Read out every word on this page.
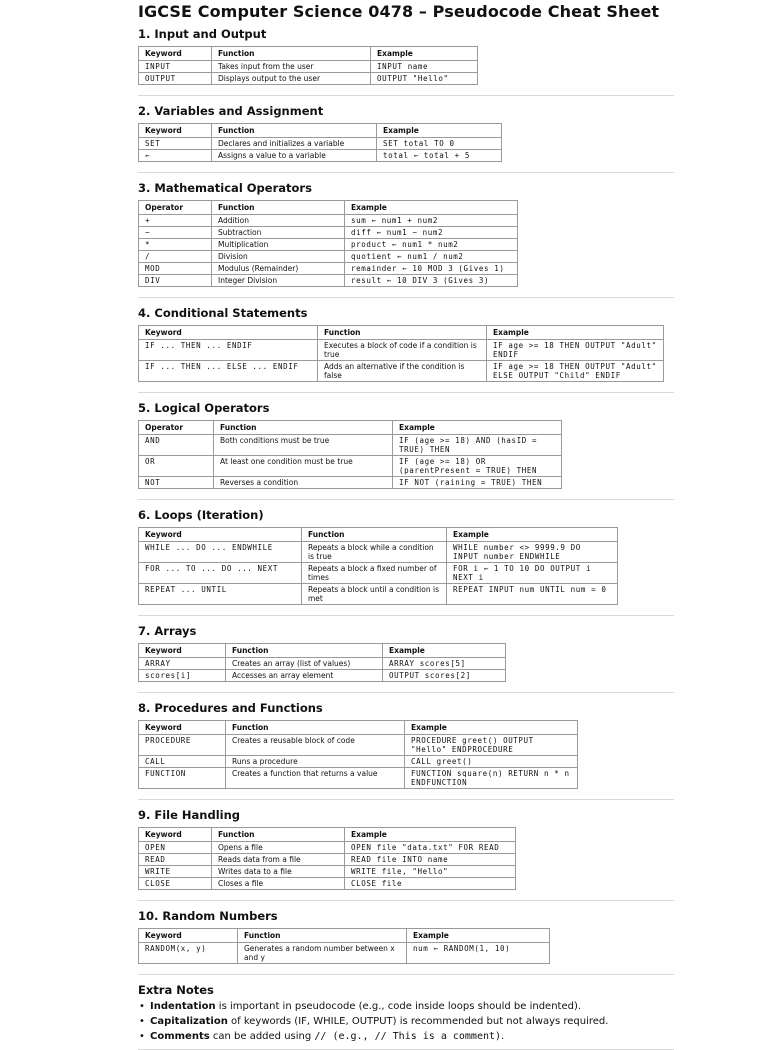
IGCSE Computer Science 0478 – Pseudocode Cheat Sheet
1. Input and Output
Keyword	Function	Example
INPUT	Takes input from the user	INPUT name
OUTPUT	Displays output to the user	OUTPUT "Hello"
2. Variables and Assignment
Keyword	Function	Example
SET	Declares and initializes a variable	SET total TO 0
←	Assigns a value to a variable	total ← total + 5
3. Mathematical Operators
Operator	Function	Example
+	Addition	sum ← num1 + num2
−	Subtraction	diff ← num1 − num2
*	Multiplication	product ← num1 * num2
/	Division	quotient ← num1 / num2
MOD	Modulus (Remainder)	remainder ← 10 MOD 3 (Gives 1)
DIV	Integer Division	result ← 10 DIV 3 (Gives 3)
4. Conditional Statements
Keyword	Function	Example
IF ... THEN ... ENDIF	Executes a block of code if a condition is true	IF age >= 18 THEN OUTPUT "Adult" ENDIF
IF ... THEN ... ELSE ... ENDIF	Adds an alternative if the condition is false	IF age >= 18 THEN OUTPUT "Adult" ELSE OUTPUT "Child" ENDIF
5. Logical Operators
Operator	Function	Example
AND	Both conditions must be true	IF (age >= 18) AND (hasID = TRUE) THEN
OR	At least one condition must be true	IF (age >= 18) OR (parentPresent = TRUE) THEN
NOT	Reverses a condition	IF NOT (raining = TRUE) THEN
6. Loops (Iteration)
Keyword	Function	Example
WHILE ... DO ... ENDWHILE	Repeats a block while a condition is true	WHILE number <> 9999.9 DO INPUT number ENDWHILE
FOR ... TO ... DO ... NEXT	Repeats a block a fixed number of times	FOR i ← 1 TO 10 DO OUTPUT i NEXT i
REPEAT ... UNTIL	Repeats a block until a condition is met	REPEAT INPUT num UNTIL num = 0
7. Arrays
Keyword	Function	Example
ARRAY	Creates an array (list of values)	ARRAY scores[5]
scores[i]	Accesses an array element	OUTPUT scores[2]
8. Procedures and Functions
Keyword	Function	Example
PROCEDURE	Creates a reusable block of code	PROCEDURE greet() OUTPUT "Hello" ENDPROCEDURE
CALL	Runs a procedure	CALL greet()
FUNCTION	Creates a function that returns a value	FUNCTION square(n) RETURN n * n ENDFUNCTION
9. File Handling
Keyword	Function	Example
OPEN	Opens a file	OPEN file "data.txt" FOR READ
READ	Reads data from a file	READ file INTO name
WRITE	Writes data to a file	WRITE file, "Hello"
CLOSE	Closes a file	CLOSE file
10. Random Numbers
Keyword	Function	Example
RANDOM(x, y)	Generates a random number between x and y	num ← RANDOM(1, 10)
Extra Notes
• Indentation is important in pseudocode (e.g., code inside loops should be indented).
• Capitalization of keywords (IF, WHILE, OUTPUT) is recommended but not always required.
• Comments can be added using // (e.g., // This is a comment).
